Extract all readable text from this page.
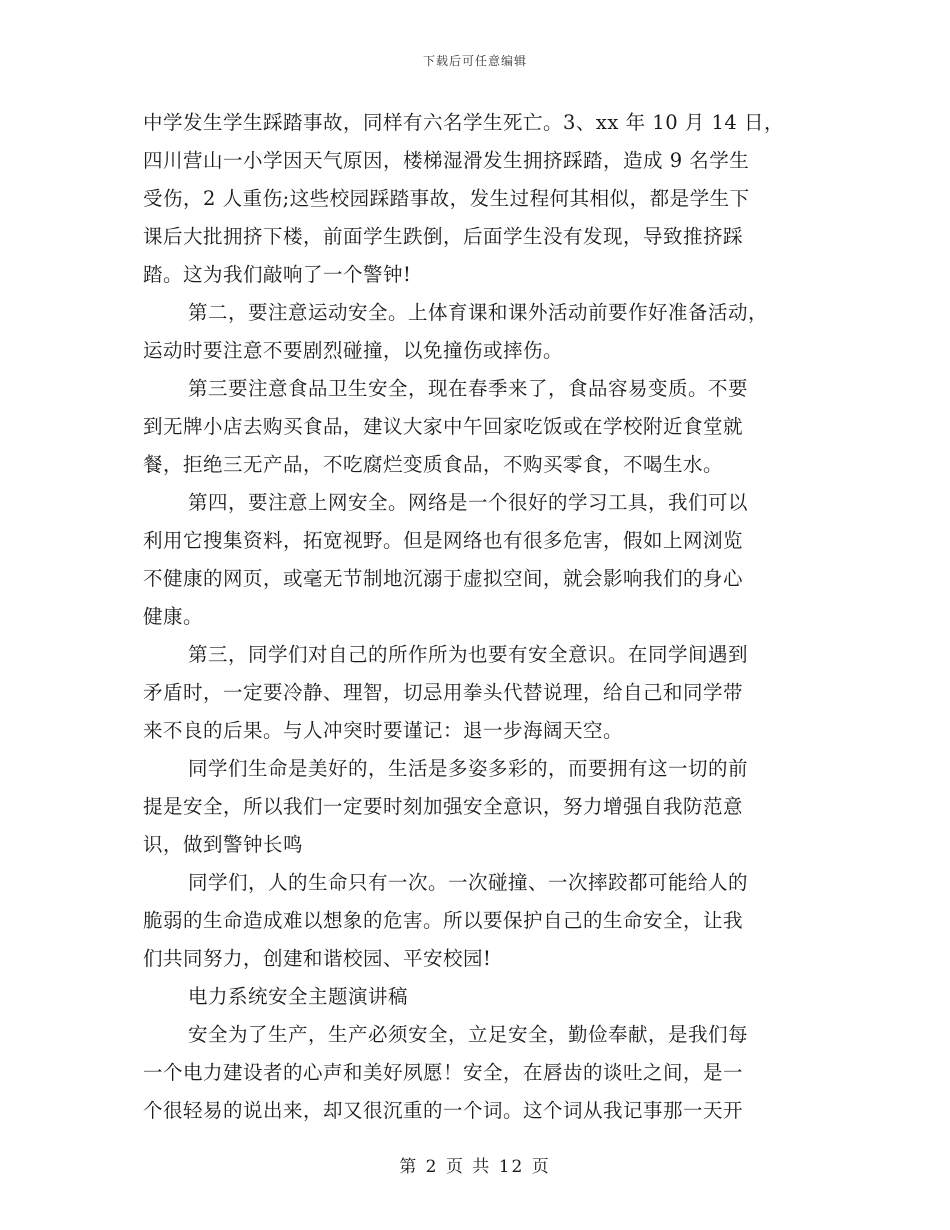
下载后可任意编辑
中学发生学生踩踏事故，同样有六名学生死亡。3、xx 年 10 月 14 日，
四川营山一小学因天气原因，楼梯湿滑发生拥挤踩踏，造成 9 名学生
受伤，2 人重伤;这些校园踩踏事故，发生过程何其相似，都是学生下
课后大批拥挤下楼，前面学生跌倒，后面学生没有发现，导致推挤踩
踏。这为我们敲响了一个警钟!
第二，要注意运动安全。上体育课和课外活动前要作好准备活动，
运动时要注意不要剧烈碰撞，以免撞伤或摔伤。
第三要注意食品卫生安全，现在春季来了，食品容易变质。不要
到无牌小店去购买食品，建议大家中午回家吃饭或在学校附近食堂就
餐，拒绝三无产品，不吃腐烂变质食品，不购买零食，不喝生水。
第四，要注意上网安全。网络是一个很好的学习工具，我们可以
利用它搜集资料，拓宽视野。但是网络也有很多危害，假如上网浏览
不健康的网页，或毫无节制地沉溺于虚拟空间，就会影响我们的身心
健康。
第三，同学们对自己的所作所为也要有安全意识。在同学间遇到
矛盾时，一定要冷静、理智，切忌用拳头代替说理，给自己和同学带
来不良的后果。与人冲突时要谨记：退一步海阔天空。
同学们生命是美好的，生活是多姿多彩的，而要拥有这一切的前
提是安全，所以我们一定要时刻加强安全意识，努力增强自我防范意
识，做到警钟长鸣
同学们，人的生命只有一次。一次碰撞、一次摔跤都可能给人的
脆弱的生命造成难以想象的危害。所以要保护自己的生命安全，让我
们共同努力，创建和谐校园、平安校园!
电力系统安全主题演讲稿
安全为了生产，生产必须安全，立足安全，勤俭奉献，是我们每
一个电力建设者的心声和美好夙愿！安全，在唇齿的谈吐之间，是一
个很轻易的说出来，却又很沉重的一个词。这个词从我记事那一天开
第 2 页 共 12 页
